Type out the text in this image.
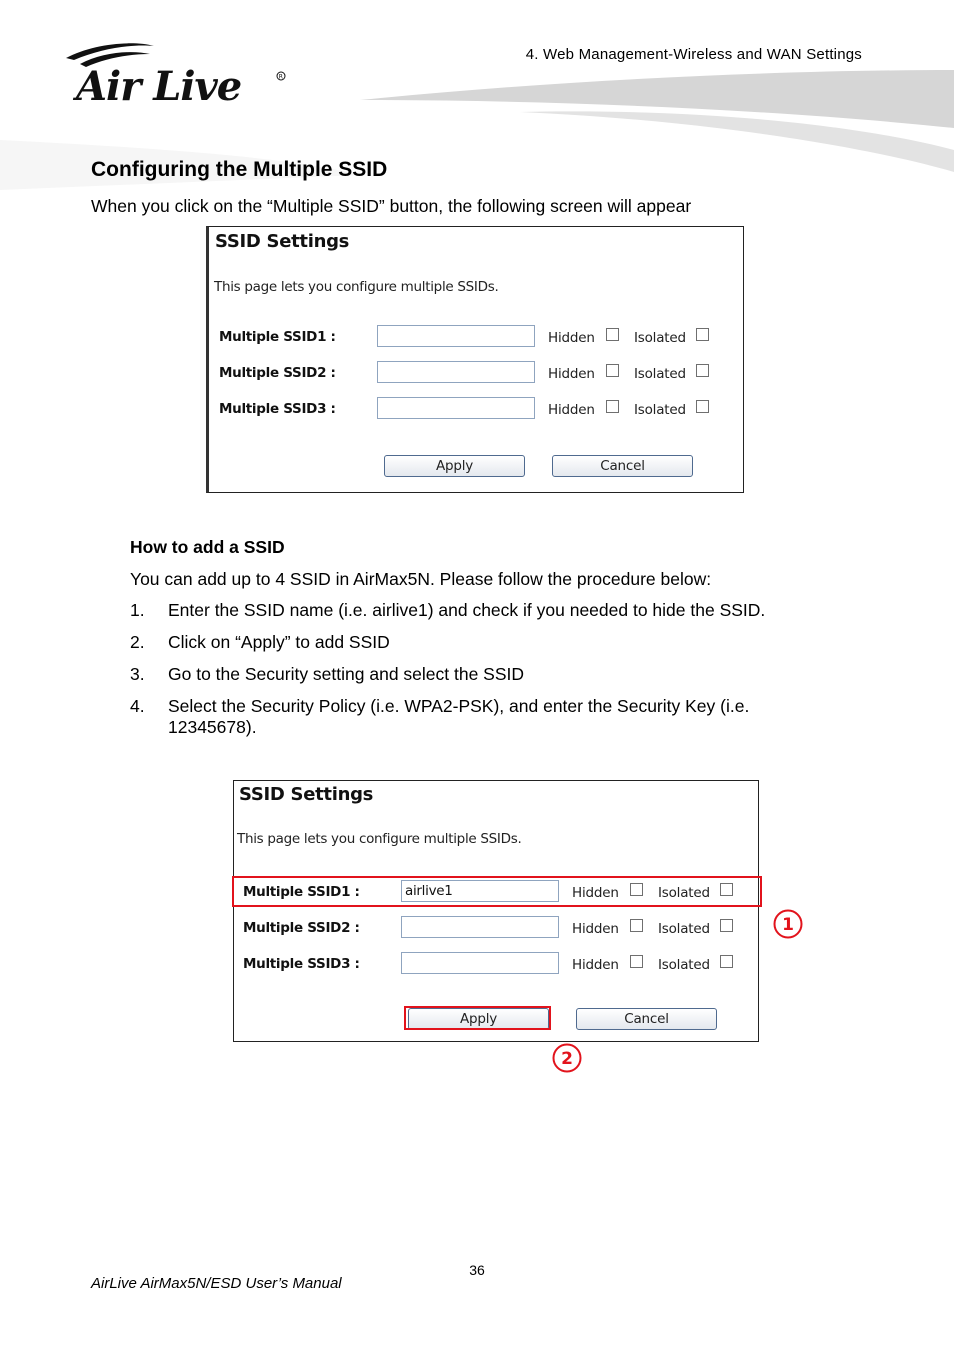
Air Live	R
4. Web Management-Wireless and WAN Settings
Configuring the Multiple SSID
When you click on the “Multiple SSID” button, the following screen will appear
SSID Settings
This page lets you configure multiple SSIDs.
Multiple SSID1 :	Hidden	Isolated
Multiple SSID2 :	Hidden	Isolated
Multiple SSID3 :	Hidden	Isolated
Apply	Cancel
How to add a SSID
You can add up to 4 SSID in AirMax5N. Please follow the procedure below:
1. Enter the SSID name (i.e. airlive1) and check if you needed to hide the SSID.
2. Click on “Apply” to add SSID
3. Go to the Security setting and select the SSID
4. Select the Security Policy (i.e. WPA2-PSK), and enter the Security Key (i.e. 12345678).
SSID Settings
This page lets you configure multiple SSIDs.
Multiple SSID1 :	airlive1	Hidden	Isolated
Multiple SSID2 :	Hidden	Isolated
Multiple SSID3 :	Hidden	Isolated
Apply	Cancel
1
2
36
AirLive AirMax5N/ESD User’s Manual
